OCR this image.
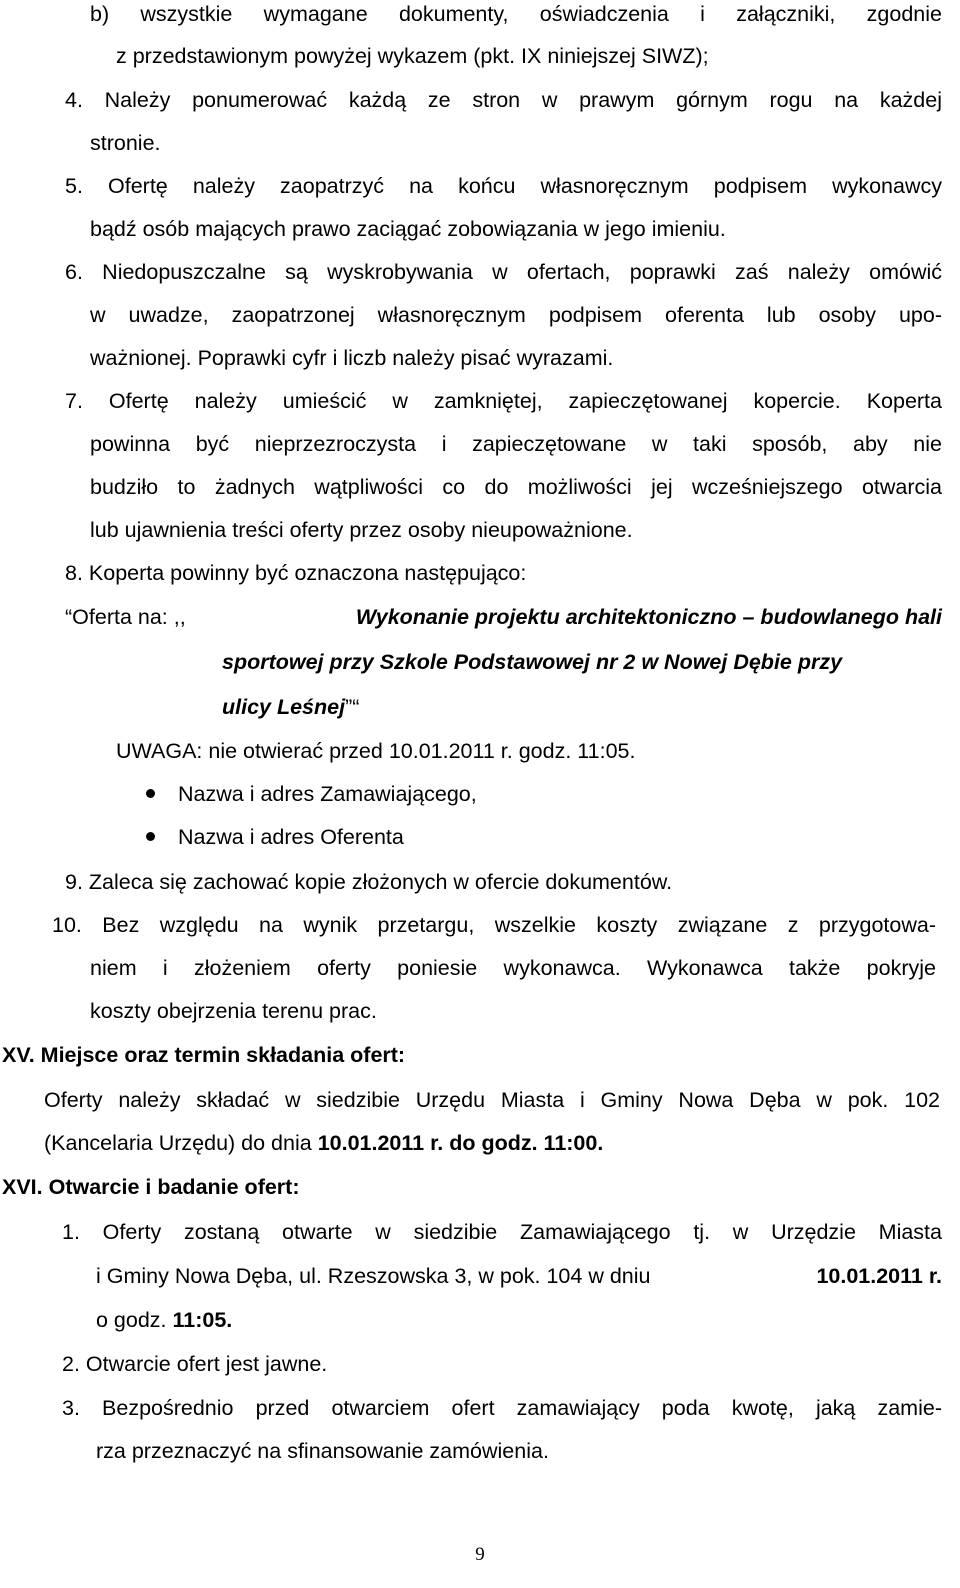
b) wszystkie wymagane dokumenty, oświadczenia i załączniki, zgodnie
z przedstawionym powyżej wykazem (pkt. IX niniejszej SIWZ);
4. Należy ponumerować każdą ze stron w prawym górnym rogu na każdej
stronie.
5. Ofertę należy zaopatrzyć na końcu własnoręcznym podpisem wykonawcy
bądź osób mających prawo zaciągać zobowiązania w jego imieniu.
6. Niedopuszczalne są wyskrobywania w ofertach, poprawki zaś należy omówić
w uwadze, zaopatrzonej własnoręcznym podpisem oferenta lub osoby upo-
ważnionej. Poprawki cyfr i liczb należy pisać wyrazami.
7. Ofertę należy umieścić w zamkniętej, zapieczętowanej kopercie. Koperta
powinna być nieprzezroczysta i zapieczętowane w taki sposób, aby nie
budziło to żadnych wątpliwości co do możliwości jej wcześniejszego otwarcia
lub ujawnienia treści oferty przez osoby nieupoważnione.
8. Koperta powinny być oznaczona następująco:
“Oferta na: ,,	Wykonanie projektu architektoniczno – budowlanego hali
sportowej przy Szkole Podstawowej nr 2 w Nowej Dębie przy
ulicy Leśnej”“
UWAGA: nie otwierać przed 10.01.2011 r. godz. 11:05.
Nazwa i adres Zamawiającego,
Nazwa i adres Oferenta
9. Zaleca się zachować kopie złożonych w ofercie dokumentów.
10. Bez względu na wynik przetargu, wszelkie koszty związane z przygotowa-
niem i złożeniem oferty poniesie wykonawca. Wykonawca także pokryje
koszty obejrzenia terenu prac.
XV. Miejsce oraz termin składania ofert:
Oferty należy składać w siedzibie Urzędu Miasta i Gminy Nowa Dęba w pok. 102
(Kancelaria Urzędu) do dnia 10.01.2011 r. do godz. 11:00.
XVI. Otwarcie i badanie ofert:
1. Oferty zostaną otwarte w siedzibie Zamawiającego tj. w Urzędzie Miasta
i Gminy Nowa Dęba, ul. Rzeszowska 3, w pok. 104 w dniu	10.01.2011 r.
o godz. 11:05.
2. Otwarcie ofert jest jawne.
3. Bezpośrednio przed otwarciem ofert zamawiający poda kwotę, jaką zamie-
rza przeznaczyć na sfinansowanie zamówienia.
9
